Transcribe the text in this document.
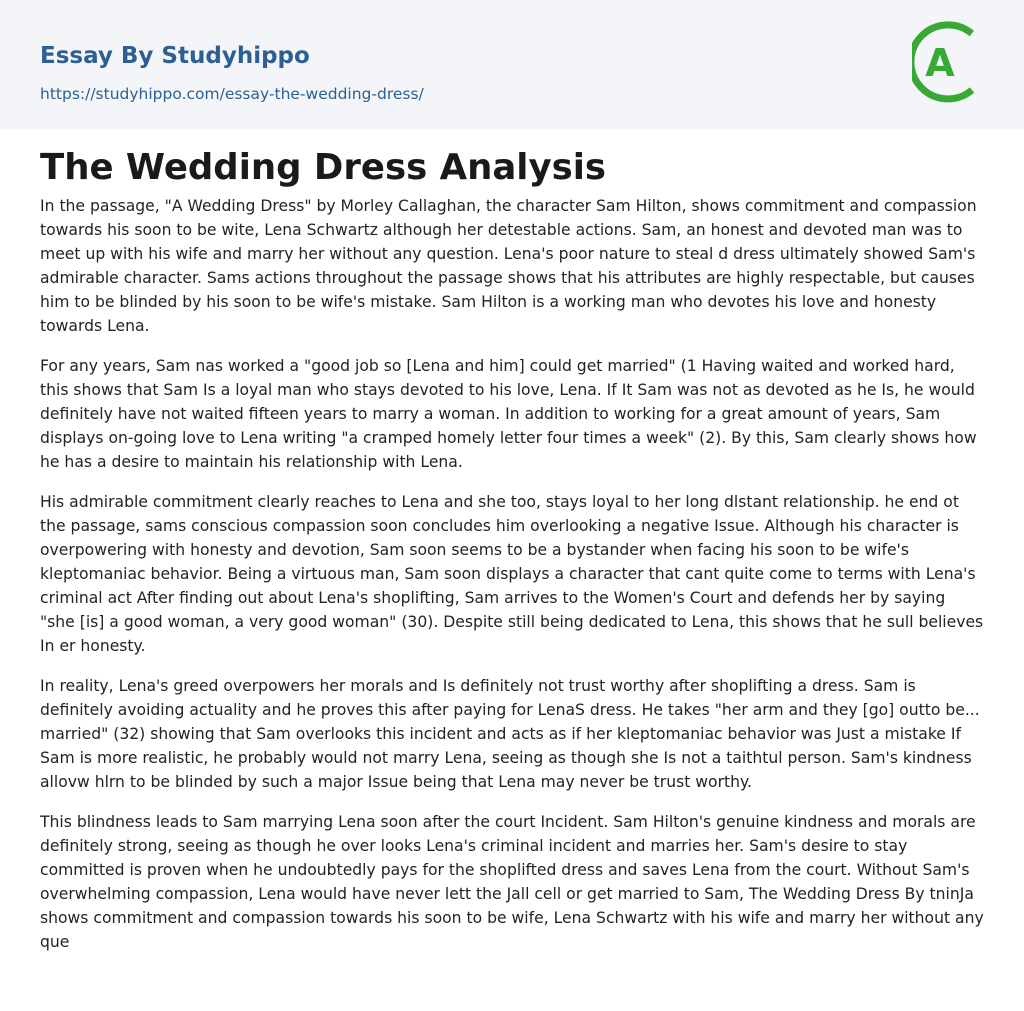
Essay By Studyhippo
https://studyhippo.com/essay-the-wedding-dress/
A
The Wedding Dress Analysis

In the passage, "A Wedding Dress" by Morley Callaghan, the character Sam Hilton, shows commitment and compassion towards his soon to be wite, Lena Schwartz although her detestable actions. Sam, an honest and devoted man was to meet up with his wife and marry her without any question. Lena's poor nature to steal d dress ultimately showed Sam's admirable character. Sams actions throughout the passage shows that his attributes are highly respectable, but causes him to be blinded by his soon to be wife's mistake. Sam Hilton is a working man who devotes his love and honesty towards Lena.

For any years, Sam nas worked a "good job so [Lena and him] could get married" (1 Having waited and worked hard, this shows that Sam Is a loyal man who stays devoted to his love, Lena. If It Sam was not as devoted as he Is, he would definitely have not waited fifteen years to marry a woman. In addition to working for a great amount of years, Sam displays on-going love to Lena writing "a cramped homely letter four times a week" (2). By this, Sam clearly shows how he has a desire to maintain his relationship with Lena.

His admirable commitment clearly reaches to Lena and she too, stays loyal to her long dlstant relationship. he end ot the passage, sams conscious compassion soon concludes him overlooking a negative Issue. Although his character is overpowering with honesty and devotion, Sam soon seems to be a bystander when facing his soon to be wife's kleptomaniac behavior. Being a virtuous man, Sam soon displays a character that cant quite come to terms with Lena's criminal act After finding out about Lena's shoplifting, Sam arrives to the Women's Court and defends her by saying "she [is] a good woman, a very good woman" (30). Despite still being dedicated to Lena, this shows that he sull believes In er honesty.

In reality, Lena's greed overpowers her morals and Is definitely not trust worthy after shoplifting a dress. Sam is definitely avoiding actuality and he proves this after paying for LenaS dress. He takes "her arm and they [go] outto be... married" (32) showing that Sam overlooks this incident and acts as if her kleptomaniac behavior was Just a mistake If Sam is more realistic, he probably would not marry Lena, seeing as though she Is not a taithtul person. Sam's kindness allovw hlrn to be blinded by such a major Issue being that Lena may never be trust worthy.

This blindness leads to Sam marrying Lena soon after the court Incident. Sam Hilton's genuine kindness and morals are definitely strong, seeing as though he over looks Lena's criminal incident and marries her. Sam's desire to stay committed is proven when he undoubtedly pays for the shoplifted dress and saves Lena from the court. Without Sam's overwhelming compassion, Lena would have never lett the Jall cell or get married to Sam, The Wedding Dress By tninJa shows commitment and compassion towards his soon to be wife, Lena Schwartz with his wife and marry her without any que
